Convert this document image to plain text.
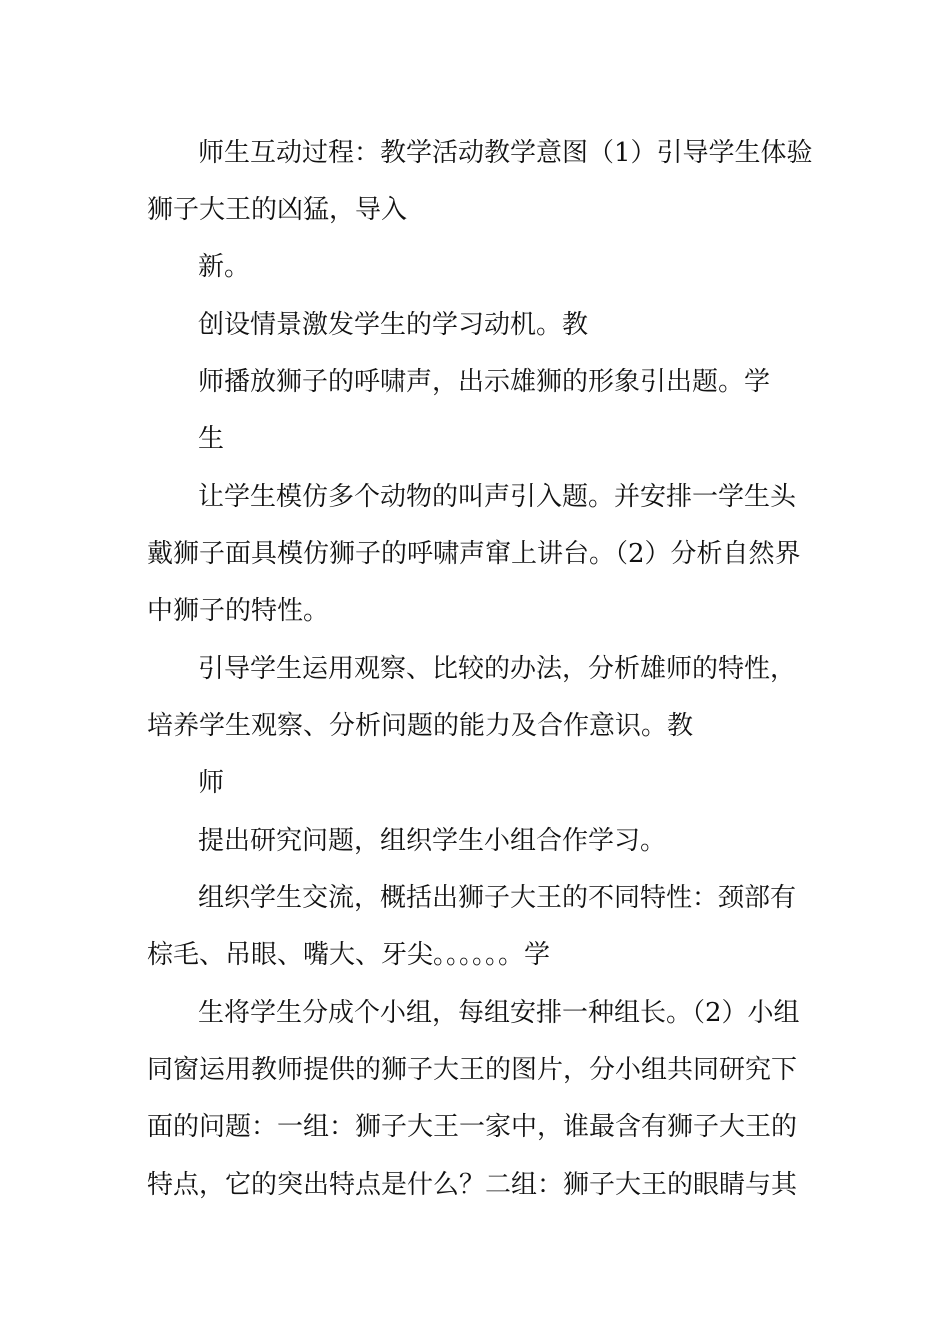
师生互动过程：教学活动教学意图（1）引导学生体验
狮子大王的凶猛，导入
新。
创设情景激发学生的学习动机。教
师播放狮子的呼啸声，出示雄狮的形象引出题。学
生
让学生模仿多个动物的叫声引入题。并安排一学生头
戴狮子面具模仿狮子的呼啸声窜上讲台。（2）分析自然界
中狮子的特性。
引导学生运用观察、比较的办法，分析雄师的特性，
培养学生观察、分析问题的能力及合作意识。教
师
提出研究问题，组织学生小组合作学习。
组织学生交流，概括出狮子大王的不同特性：颈部有
棕毛、吊眼、嘴大、牙尖。。。。。。学
生将学生分成个小组，每组安排一种组长。（2）小组
同窗运用教师提供的狮子大王的图片，分小组共同研究下
面的问题：一组：狮子大王一家中，谁最含有狮子大王的
特点，它的突出特点是什么？二组：狮子大王的眼睛与其
